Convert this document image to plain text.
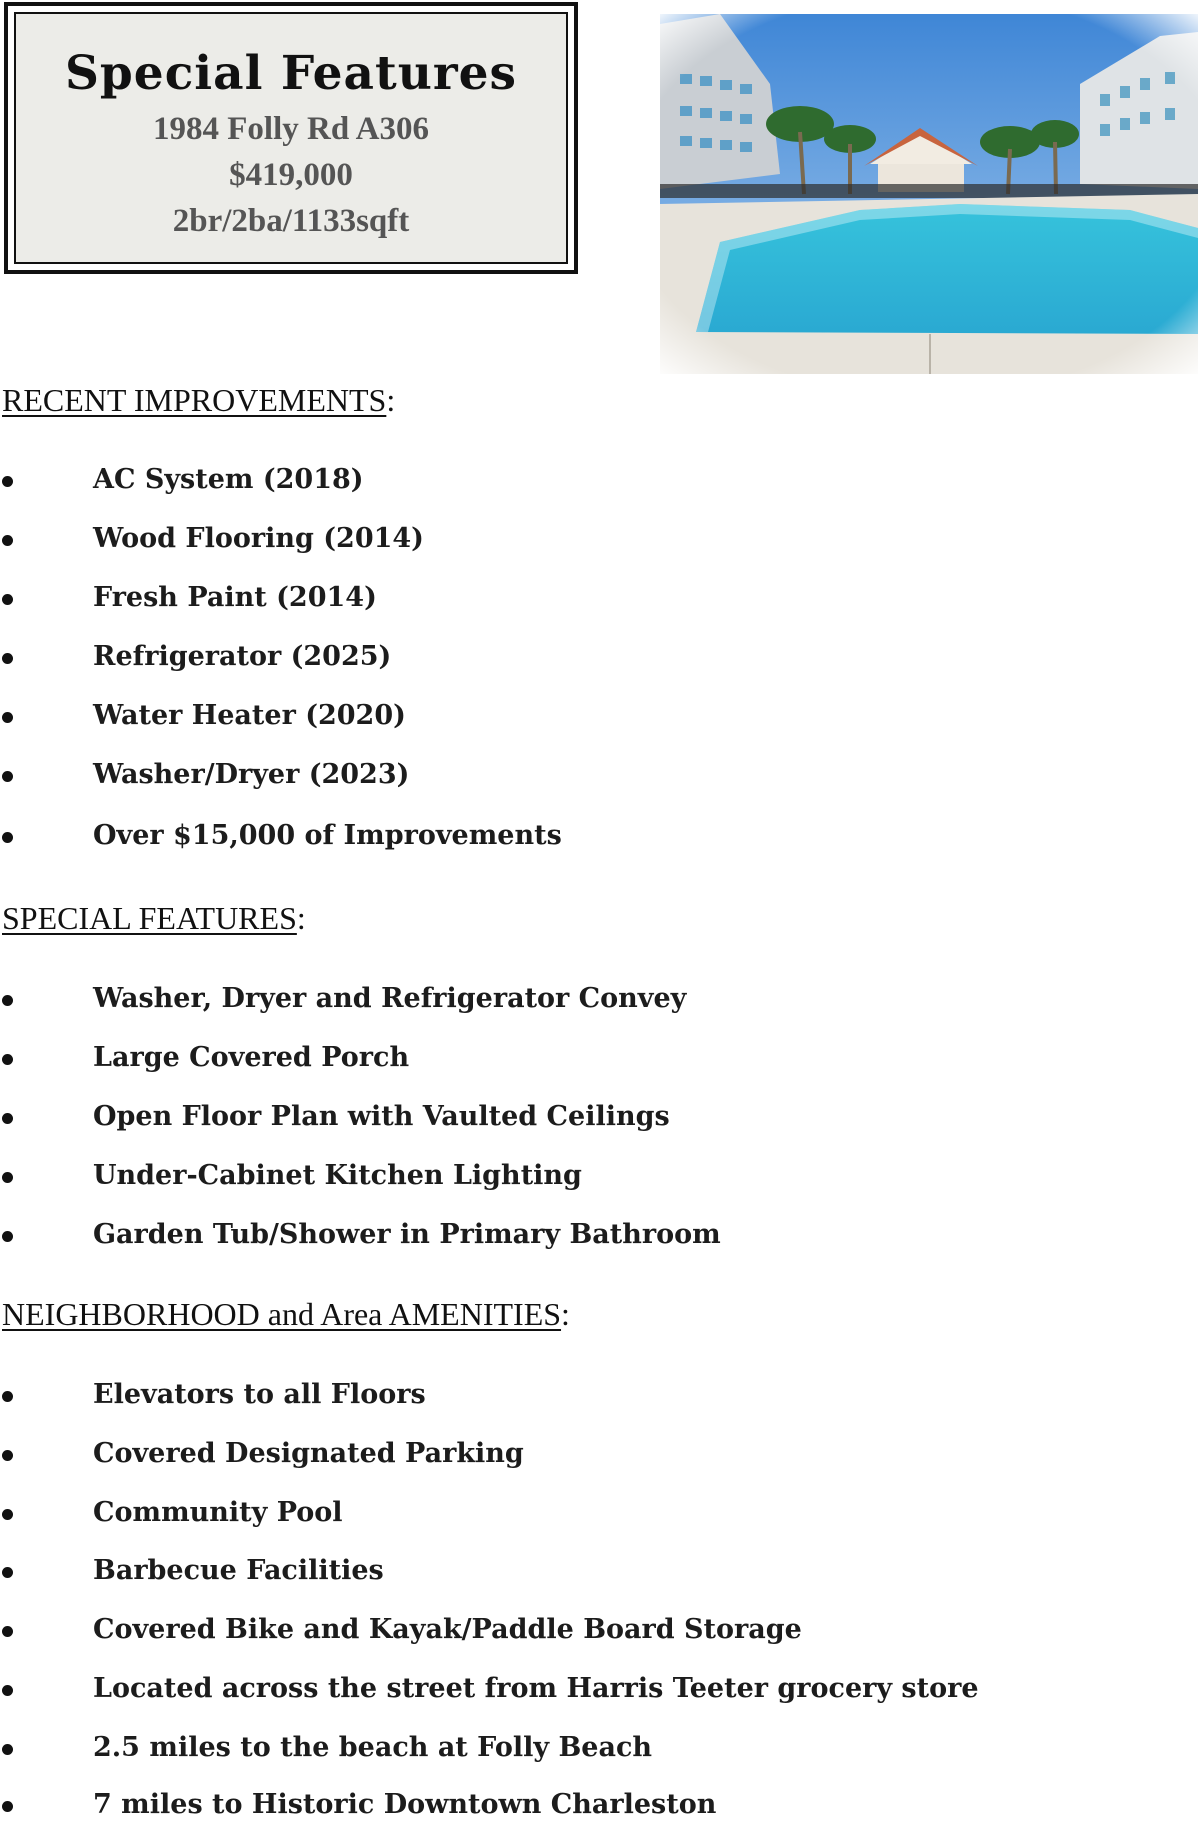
Special Features
1984 Folly Rd A306
$419,000
2br/2ba/1133sqft
RECENT IMPROVEMENTS:
AC System (2018)
Wood Flooring (2014)
Fresh Paint (2014)
Refrigerator (2025)
Water Heater (2020)
Washer/Dryer (2023)
Over $15,000 of Improvements
SPECIAL FEATURES:
Washer, Dryer and Refrigerator Convey
Large Covered Porch
Open Floor Plan with Vaulted Ceilings
Under-Cabinet Kitchen Lighting
Garden Tub/Shower in Primary Bathroom
NEIGHBORHOOD and Area AMENITIES:
Elevators to all Floors
Covered Designated Parking
Community Pool
Barbecue Facilities
Covered Bike and Kayak/Paddle Board Storage
Located across the street from Harris Teeter grocery store
2.5 miles to the beach at Folly Beach
7 miles to Historic Downtown Charleston
